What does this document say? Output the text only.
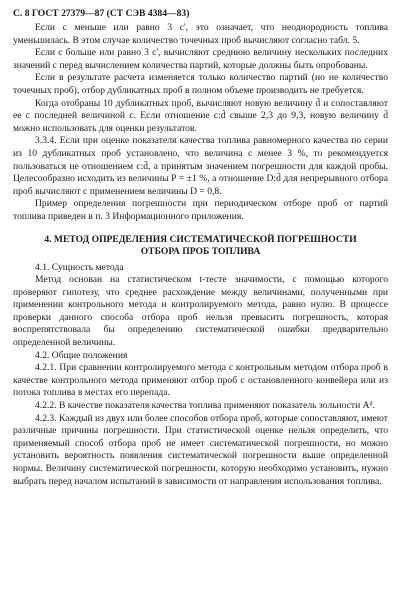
С. 8 ГОСТ 27379—87 (СТ СЭВ 4384—83)

Если с меньше или равно 3 с', это означает, что неоднородность топлива уменьшилась. В этом случае количество точечных проб вычисляют согласно табл. 5.

Если с больше или равно 3 с', вычисляют среднюю величину нескольких последних значений с перед вычислением количества партий, которые должны быть опробованы.

Если в результате расчета изменяется только количество партий (но не количество точечных проб), отбор дубликатных проб в полном объеме производить не требуется.

Когда отобраны 10 дубликатных проб, вычисляют новую величину d̄ и сопоставляют ее с последней величиной с. Если отношение с:d̄ свыше 2,3 до 9,3, новую величину d̄ можно использовать для оценки результатов.

3.3.4. Если при оценке показателя качества топлива равномерного качества по серии из 10 дубликатных проб установлено, что величина с менее 3 %, то рекомендуется пользоваться не отношением с:d̄, а принятым значением погрешности для каждой пробы. Целесообразно исходить из величины P = ±1 %, а отношение D:d̄ для непрерывного отбора проб вычисляют с применением величины D = 0,8.

Пример определения погрешности при периодическом отборе проб от партий топлива приведен в п. 3 Информационного приложения.

4. МЕТОД ОПРЕДЕЛЕНИЯ СИСТЕМАТИЧЕСКОЙ ПОГРЕШНОСТИ
ОТБОРА ПРОБ ТОПЛИВА

4.1. Сущность метода

Метод основан на статистическом t-тесте значимости, с помощью которого проверяют гипотезу, что среднее расхождение между величинами, полученными при применении контрольного метода и контролируемого метода, равно нулю. В процессе проверки данного способа отбора проб нельзя превысить погрешность, которая воспрепятствовала бы определению систематической ошибки предварительно определенной величины.

4.2. Общие положения

4.2.1. При сравнении контролируемого метода с контрольным методом отбора проб в качестве контрольного метода применяют отбор проб с остановленного конвейера или из потока топлива в местах его перепада.

4.2.2. В качестве показателя качества топлива применяют показатель зольности Aᵈ.

4.2.3. Каждый из двух или более способов отбора проб, которые сопоставляют, имеют различные причины погрешности. При статистической оценке нельзя определить, что применяемый способ отбора проб не имеет систематической погрешности, но можно установить вероятность появления систематической погрешности выше определенной нормы. Величину систематической погрешности, которую необходимо установить, нужно выбрать перед началом испытаний в зависимости от направления использования топлива.
